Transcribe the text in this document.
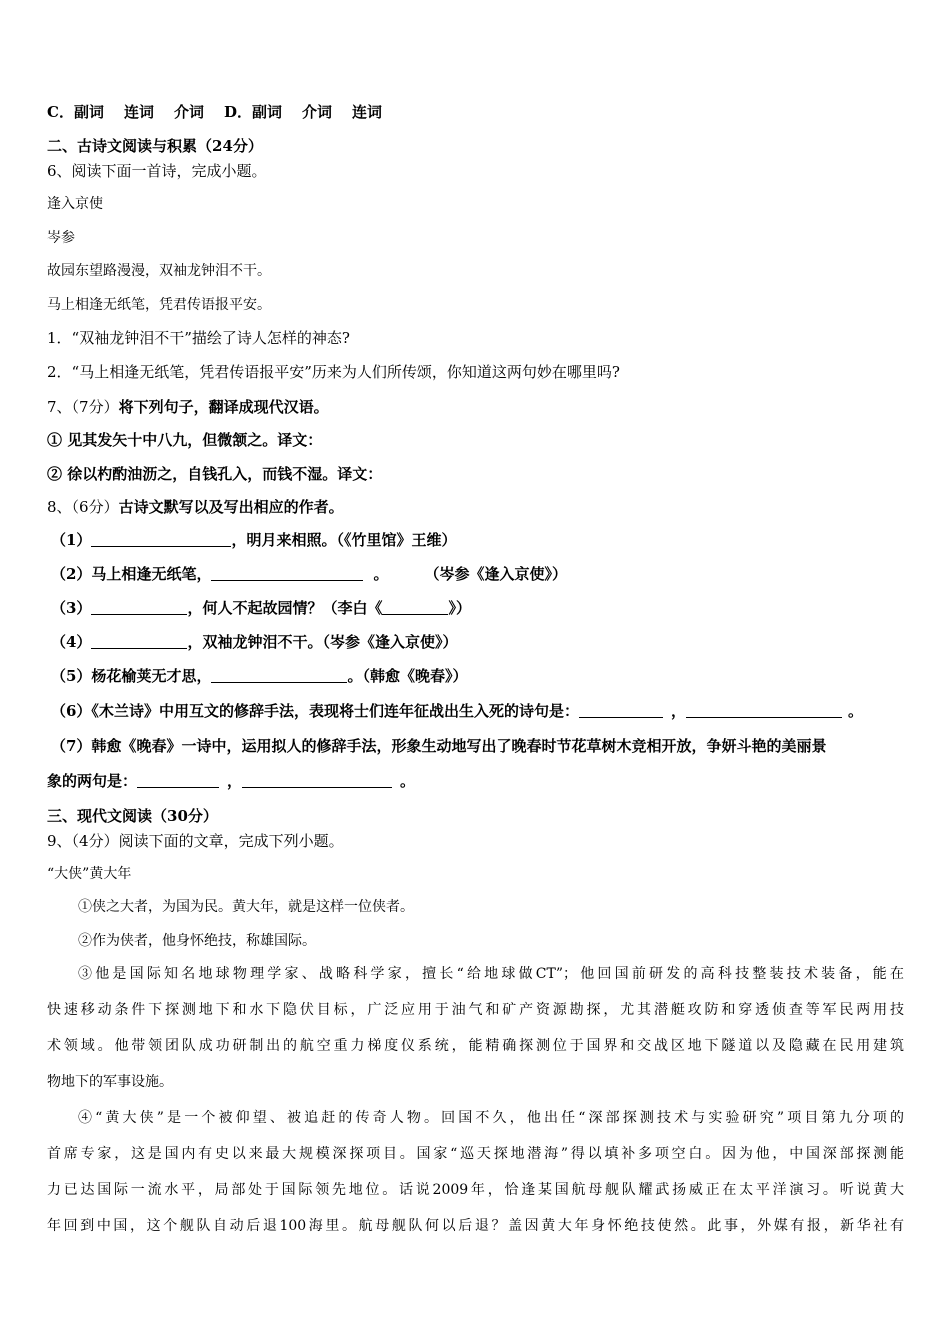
C．副词 连词 介词 D．副词 介词 连词
二、古诗文阅读与积累（24分）
6、阅读下面一首诗，完成小题。
逢入京使
岑参
故园东望路漫漫，双袖龙钟泪不干。
马上相逢无纸笔，凭君传语报平安。
1．“双袖龙钟泪不干”描绘了诗人怎样的神态?
2．“马上相逢无纸笔，凭君传语报平安”历来为人们所传颂，你知道这两句妙在哪里吗?
7、（7分）将下列句子，翻译成现代汉语。
① 见其发矢十中八九，但微颔之。译文：
② 徐以杓酌油沥之，自钱孔入，而钱不湿。译文：
8、（6分）古诗文默写以及写出相应的作者。
（1）	，明月来相照。（《竹里馆》王维）
（2）马上相逢无纸笔，	。 （岑参《逢入京使》）
（3）	，何人不起故园情？（李白《	》）
（4）	，双袖龙钟泪不干。（岑参《逢入京使》）
（5）杨花榆荚无才思，	。（韩愈《晚春》）
（6）《木兰诗》中用互文的修辞手法，表现将士们连年征战出生入死的诗句是：	，	。
（7）韩愈《晚春》一诗中，运用拟人的修辞手法，形象生动地写出了晚春时节花草树木竞相开放，争妍斗艳的美丽景
象的两句是：	，	。
三、现代文阅读（30分）
9、（4分）阅读下面的文章，完成下列小题。
“大侠”黄大年
①侠之大者，为国为民。黄大年，就是这样一位侠者。
②作为侠者，他身怀绝技，称雄国际。
③他是国际知名地球物理学家、战略科学家，擅长“给地球做CT”；他回国前研发的高科技整装技术装备，能在
快速移动条件下探测地下和水下隐伏目标，广泛应用于油气和矿产资源勘探，尤其潜艇攻防和穿透侦查等军民两用技
术领域。他带领团队成功研制出的航空重力梯度仪系统，能精确探测位于国界和交战区地下隧道以及隐藏在民用建筑
物地下的军事设施。
④“黄大侠”是一个被仰望、被追赶的传奇人物。回国不久，他出任“深部探测技术与实验研究”项目第九分项的
首席专家，这是国内有史以来最大规模深探项目。国家“巡天探地潜海”得以填补多项空白。因为他，中国深部探测能
力已达国际一流水平，局部处于国际领先地位。话说2009年，恰逢某国航母舰队耀武扬威正在太平洋演习。听说黄大
年回到中国，这个舰队自动后退100海里。航母舰队何以后退？盖因黄大年身怀绝技使然。此事，外媒有报，新华社有
